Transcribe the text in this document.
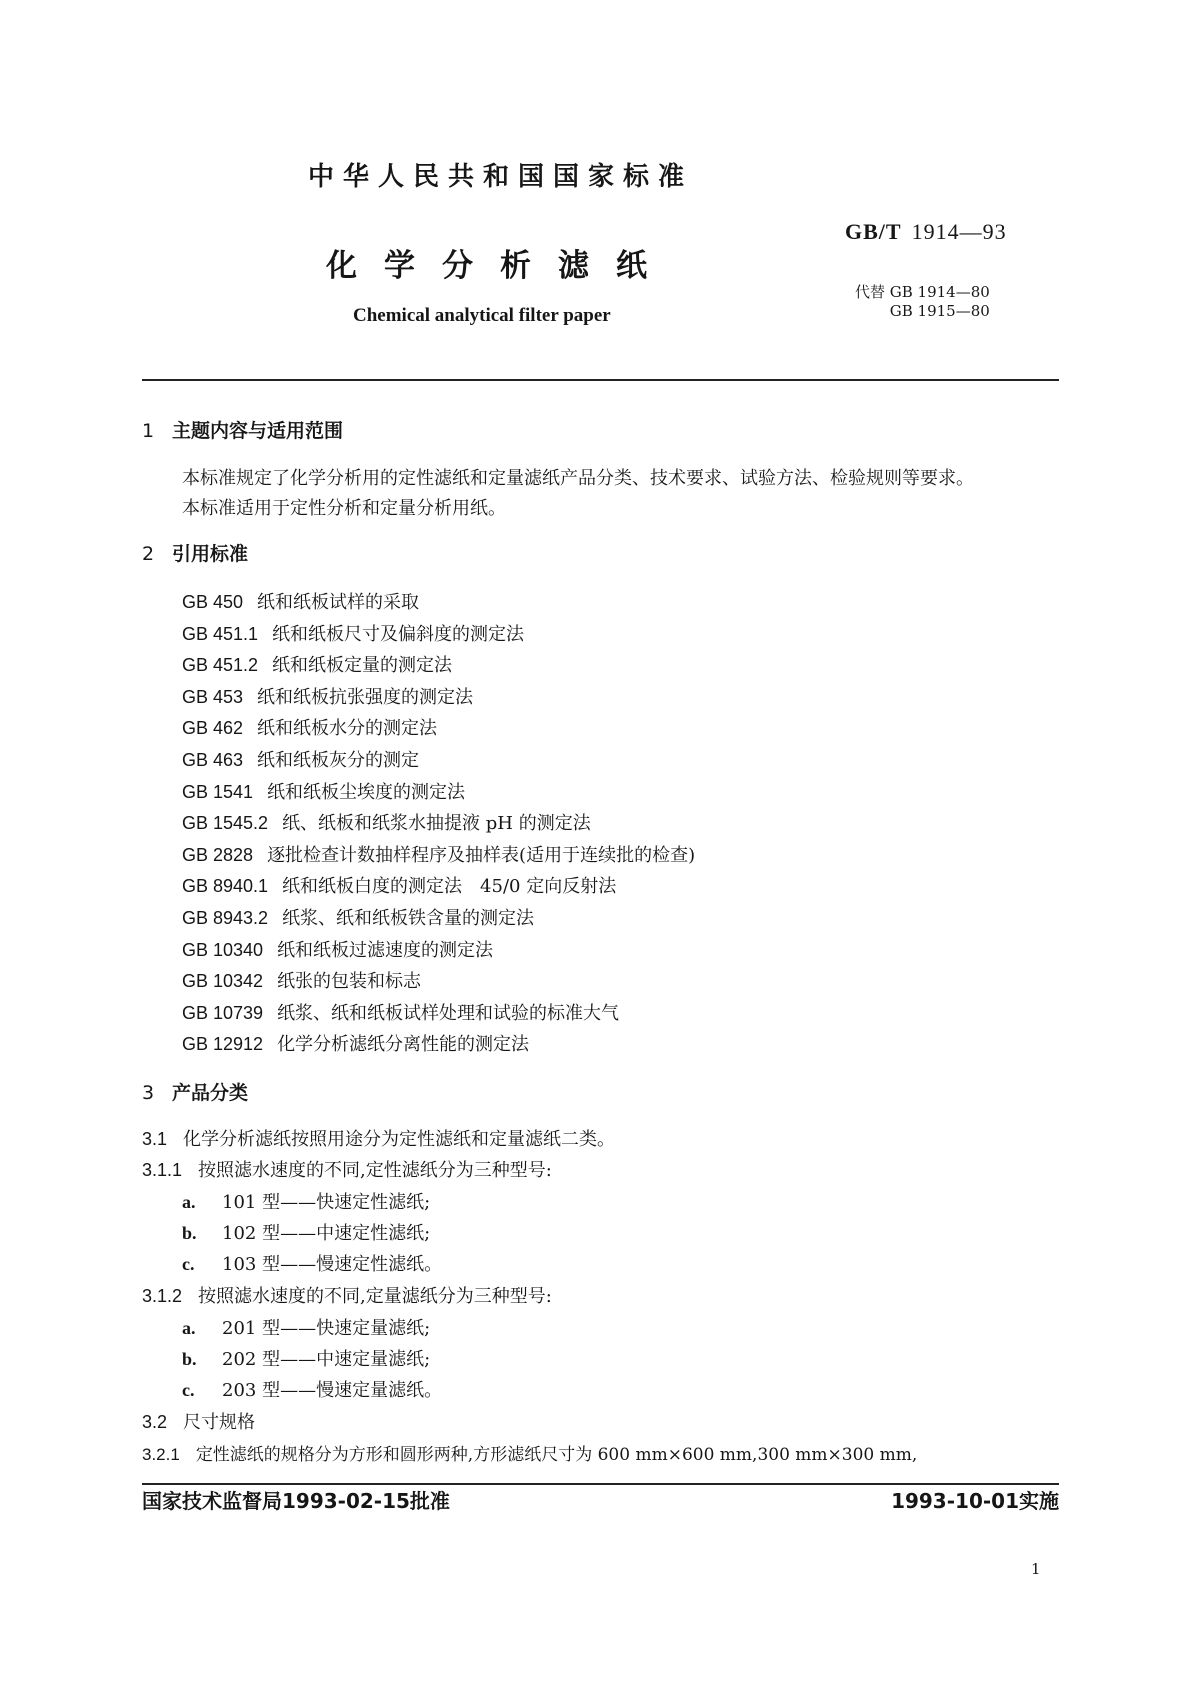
中华人民共和国国家标准
化学分析滤纸
Chemical analytical filter paper
GB/T 1914—93
代替 GB 1914—80
GB 1915—80
1 主题内容与适用范围
本标准规定了化学分析用的定性滤纸和定量滤纸产品分类、技术要求、试验方法、检验规则等要求。
本标准适用于定性分析和定量分析用纸。
2 引用标准
GB 450 纸和纸板试样的采取
GB 451.1 纸和纸板尺寸及偏斜度的测定法
GB 451.2 纸和纸板定量的测定法
GB 453 纸和纸板抗张强度的测定法
GB 462 纸和纸板水分的测定法
GB 463 纸和纸板灰分的测定
GB 1541 纸和纸板尘埃度的测定法
GB 1545.2 纸、纸板和纸浆水抽提液 pH 的测定法
GB 2828 逐批检查计数抽样程序及抽样表(适用于连续批的检查)
GB 8940.1 纸和纸板白度的测定法　45/0 定向反射法
GB 8943.2 纸浆、纸和纸板铁含量的测定法
GB 10340 纸和纸板过滤速度的测定法
GB 10342 纸张的包装和标志
GB 10739 纸浆、纸和纸板试样处理和试验的标准大气
GB 12912 化学分析滤纸分离性能的测定法
3 产品分类
3.1 化学分析滤纸按照用途分为定性滤纸和定量滤纸二类。
3.1.1 按照滤水速度的不同,定性滤纸分为三种型号:
a. 101 型——快速定性滤纸;
b. 102 型——中速定性滤纸;
c. 103 型——慢速定性滤纸。
3.1.2 按照滤水速度的不同,定量滤纸分为三种型号:
a. 201 型——快速定量滤纸;
b. 202 型——中速定量滤纸;
c. 203 型——慢速定量滤纸。
3.2 尺寸规格
3.2.1 定性滤纸的规格分为方形和圆形两种,方形滤纸尺寸为 600 mm×600 mm,300 mm×300 mm,
国家技术监督局1993-02-15批准	1993-10-01实施
1
